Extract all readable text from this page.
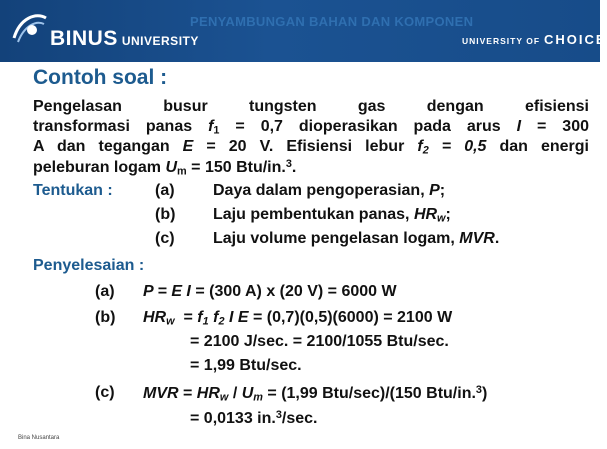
BINUS UNIVERSITY
PENYAMBUNGAN BAHAN DAN KOMPONEN
UNIVERSITY OF CHOICE
Contoh soal :
Pengelasan busur tungsten gas dengan efisiensi
transformasi panas $f_1 = 0,7$ dioperasikan pada arus I = 300
A dan tegangan E = 20 V. Efisiensi lebur $f_2 = 0,5$ dan energi
peleburan logam $U_m = 150$ Btu/in.$^3$.
Tentukan :	(a) Daya dalam pengoperasian, P;
(b) Laju pembentukan panas, $HR_w$;
(c) Laju volume pengelasan logam, MVR.
Penyelesaian :
(a) P = E I = (300 A) x (20 V) = 6000 W
(b) $HR_w = f_1$ $f_2$ I E = (0,7)(0,5)(6000) = 2100 W
= 2100 J/sec. = 2100/1055 Btu/sec.
= 1,99 Btu/sec.
(c) MVR = $HR_w / U_m = (1,99$ Btu/sec)/(150 Btu/in.$^3$)
= 0,0133 in.$^3$/sec.
Bina Nusantara
